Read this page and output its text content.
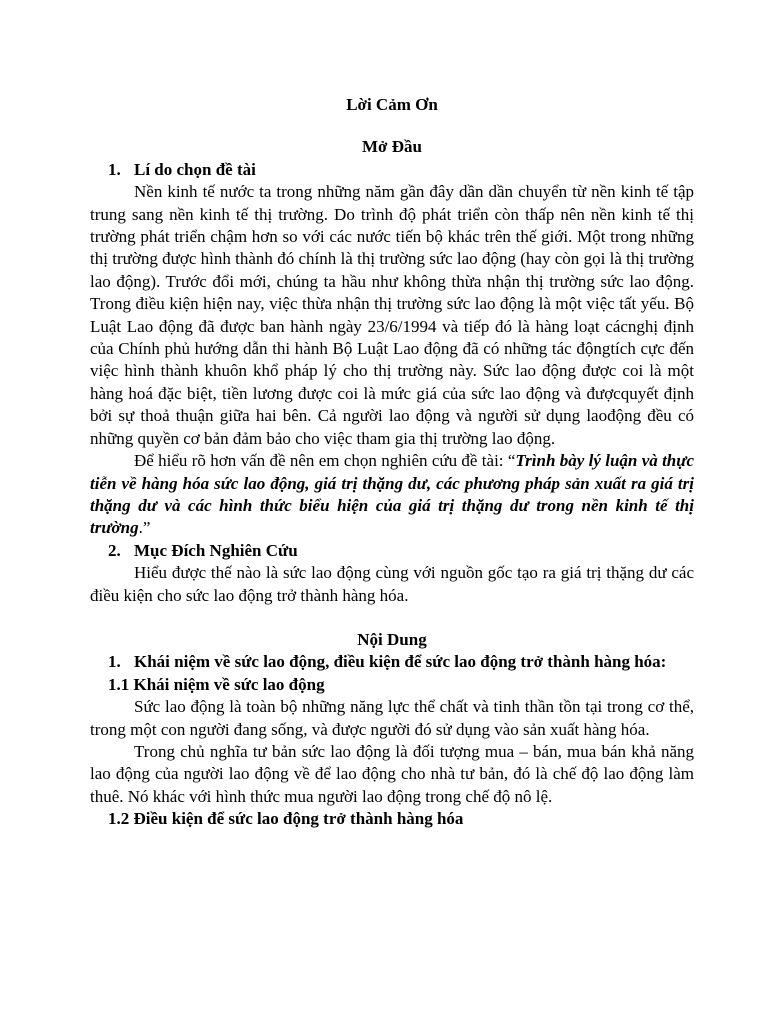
Lời Cảm Ơn

Mở Đầu

1. Lí do chọn đề tài

Nền kinh tế nước ta trong những năm gần đây dần dần chuyển từ nền kinh tế tập trung sang nền kinh tế thị trường. Do trình độ phát triển còn thấp nên nền kinh tế thị trường phát triển chậm hơn so với các nước tiến bộ khác trên thế giới. Một trong những thị trường được hình thành đó chính là thị trường sức lao động (hay còn gọi là thị trường lao động). Trước đổi mới, chúng ta hầu như không thừa nhận thị trường sức lao động. Trong điều kiện hiện nay, việc thừa nhận thị trường sức lao động là một việc tất yếu. Bộ Luật Lao động đã được ban hành ngày 23/6/1994 và tiếp đó là hàng loạt cácnghị định của Chính phủ hướng dẫn thi hành Bộ Luật Lao động đã có những tác độngtích cực đến việc hình thành khuôn khổ pháp lý cho thị trường này. Sức lao động được coi là một hàng hoá đặc biệt, tiền lương được coi là mức giá của sức lao động và đượcquyết định bởi sự thoả thuận giữa hai bên. Cả người lao động và người sử dụng laođộng đều có những quyền cơ bản đảm bảo cho việc tham gia thị trường lao động.

Để hiểu rõ hơn vấn đề nên em chọn nghiên cứu đề tài: “Trình bày lý luận và thực tiễn về hàng hóa sức lao động, giá trị thặng dư, các phương pháp sản xuất ra giá trị thặng dư và các hình thức biểu hiện của giá trị thặng dư trong nền kinh tế thị trường.”

2. Mục Đích Nghiên Cứu

Hiểu được thế nào là sức lao động cùng với nguồn gốc tạo ra giá trị thặng dư các điều kiện cho sức lao động trở thành hàng hóa.

Nội Dung

1. Khái niệm về sức lao động, điều kiện để sức lao động trở thành hàng hóa:

1.1 Khái niệm về sức lao động

Sức lao động là toàn bộ những năng lực thể chất và tinh thần tồn tại trong cơ thể, trong một con người đang sống, và được người đó sử dụng vào sản xuất hàng hóa.

Trong chủ nghĩa tư bản sức lao động là đối tượng mua – bán, mua bán khả năng lao động của người lao động về để lao động cho nhà tư bản, đó là chế độ lao động làm thuê. Nó khác với hình thức mua người lao động trong chế độ nô lệ.

1.2 Điều kiện để sức lao động trở thành hàng hóa
